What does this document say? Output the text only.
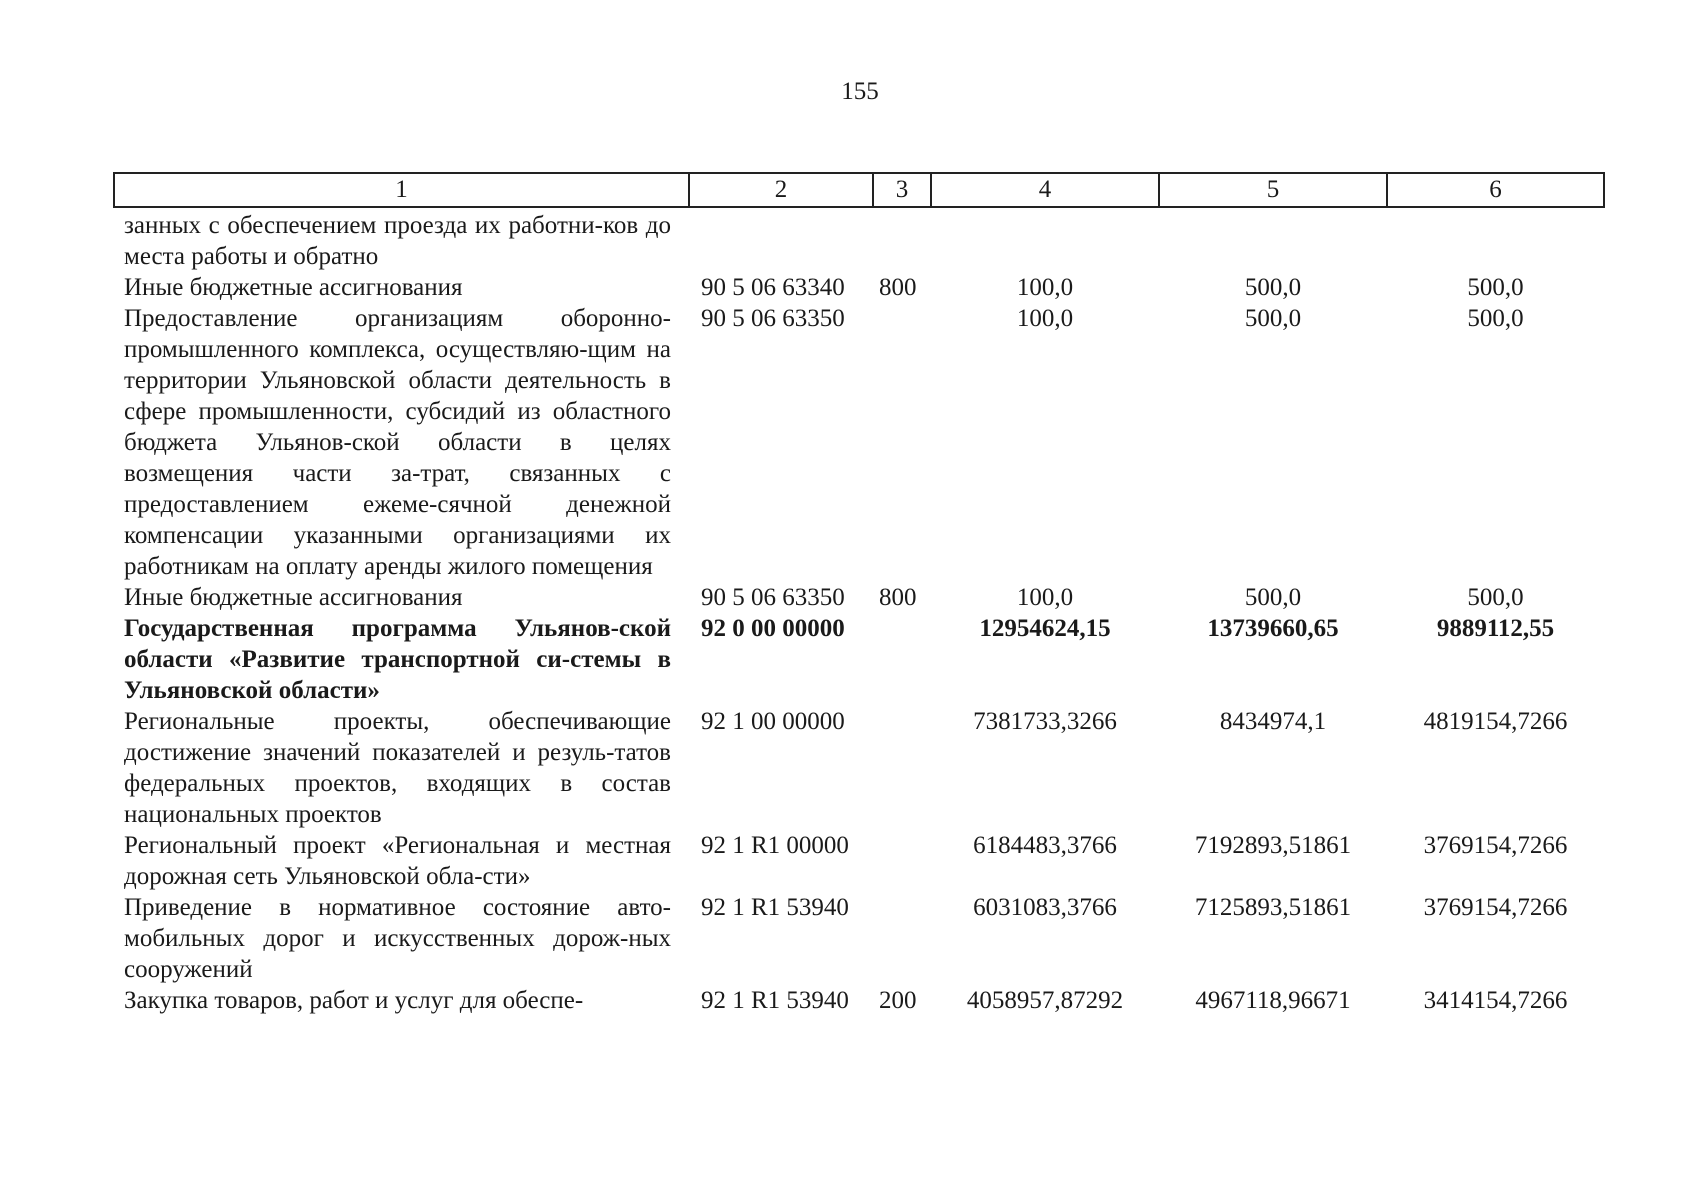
155
1	2	3	4	5	6
занных с обеспечением проезда их работни-ков до места работы и обратно					
Иные бюджетные ассигнования	90 5 06 63340	800	100,0	500,0	500,0
Предоставление организациям оборонно-промышленного комплекса, осуществляю-щим на территории Ульяновской области деятельность в сфере промышленности, субсидий из областного бюджета Ульянов-ской области в целях возмещения части за-трат, связанных с предоставлением ежеме-сячной денежной компенсации указанными организациями их работникам на оплату аренды жилого помещения	90 5 06 63350		100,0	500,0	500,0
Иные бюджетные ассигнования	90 5 06 63350	800	100,0	500,0	500,0
Государственная программа Ульянов-ской области «Развитие транспортной си-стемы в Ульяновской области»	92 0 00 00000		12954624,15	13739660,65	9889112,55
Региональные проекты, обеспечивающие достижение значений показателей и резуль-татов федеральных проектов, входящих в состав национальных проектов	92 1 00 00000		7381733,3266	8434974,1	4819154,7266
Региональный проект «Региональная и местная дорожная сеть Ульяновской обла-сти»	92 1 R1 00000		6184483,3766	7192893,51861	3769154,7266
Приведение в нормативное состояние авто-мобильных дорог и искусственных дорож-ных сооружений	92 1 R1 53940		6031083,3766	7125893,51861	3769154,7266
Закупка товаров, работ и услуг для обеспе-	92 1 R1 53940	200	4058957,87292	4967118,96671	3414154,7266
